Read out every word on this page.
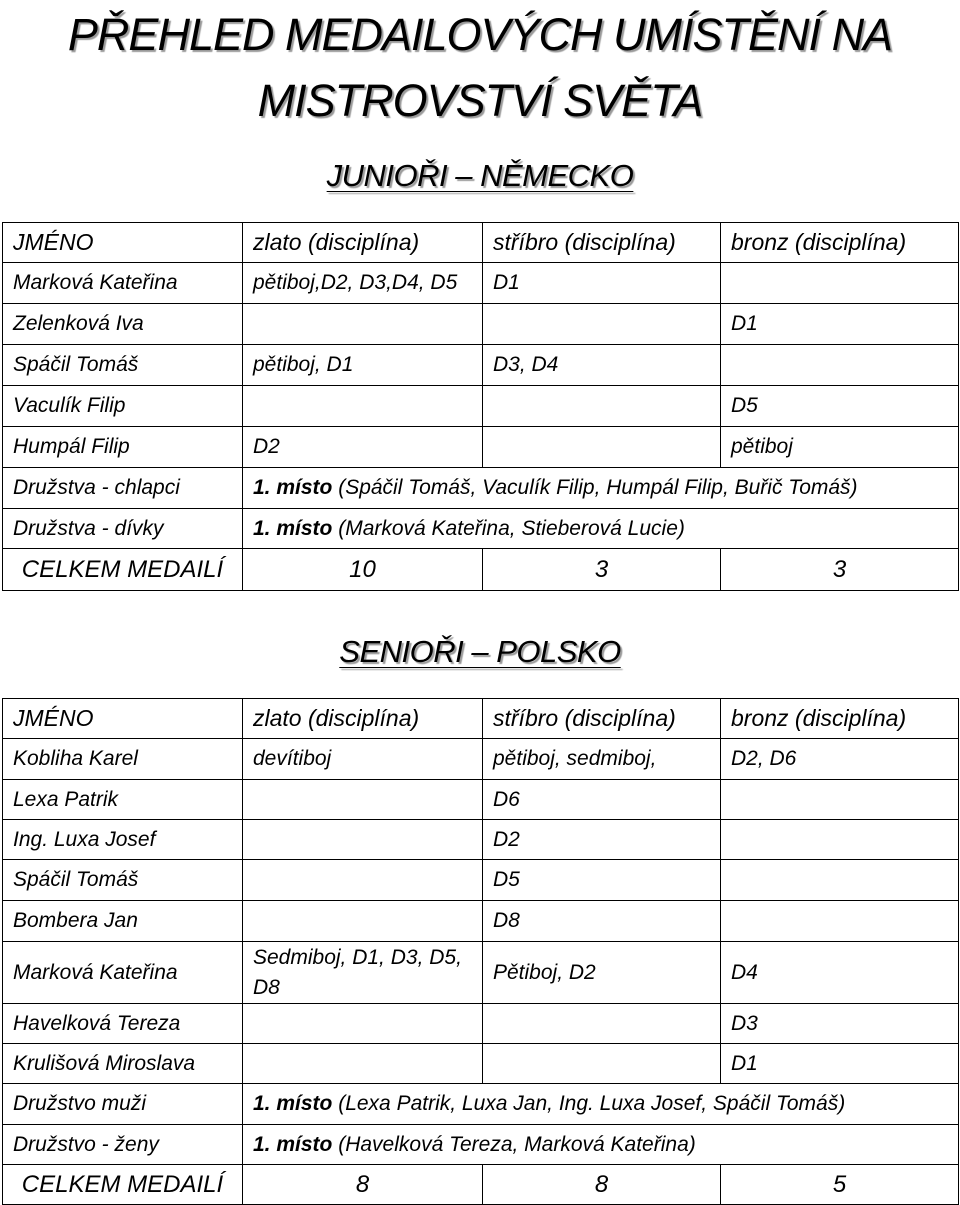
PŘEHLED MEDAILOVÝCH UMÍSTĚNÍ NA
MISTROVSTVÍ SVĚTA
JUNIOŘI – NĚMECKO
JMÉNO	zlato (disciplína)	stříbro (disciplína)	bronz (disciplína)
Marková Kateřina	pětiboj,D2, D3,D4, D5	D1	
Zelenková Iva			D1
Spáčil Tomáš	pětiboj, D1	D3, D4	
Vaculík Filip			D5
Humpál Filip	D2		pětiboj
Družstva - chlapci	1. místo (Spáčil Tomáš, Vaculík Filip, Humpál Filip, Buřič Tomáš)		
Družstva - dívky	1. místo (Marková Kateřina, Stieberová Lucie)		
CELKEM MEDAILÍ	10	3	3
SENIOŘI – POLSKO
JMÉNO	zlato (disciplína)	stříbro (disciplína)	bronz (disciplína)
Kobliha Karel	devítiboj	pětiboj, sedmiboj,	D2, D6
Lexa Patrik		D6	
Ing. Luxa Josef		D2	
Spáčil Tomáš		D5	
Bombera Jan		D8	
Marková Kateřina	Sedmiboj, D1, D3, D5, D8	Pětiboj, D2	D4
Havelková Tereza			D3
Krulišová Miroslava			D1
Družstvo muži	1. místo (Lexa Patrik, Luxa Jan, Ing. Luxa Josef, Spáčil Tomáš)		
Družstvo - ženy	1. místo (Havelková Tereza, Marková Kateřina)		
CELKEM MEDAILÍ	8	8	5
